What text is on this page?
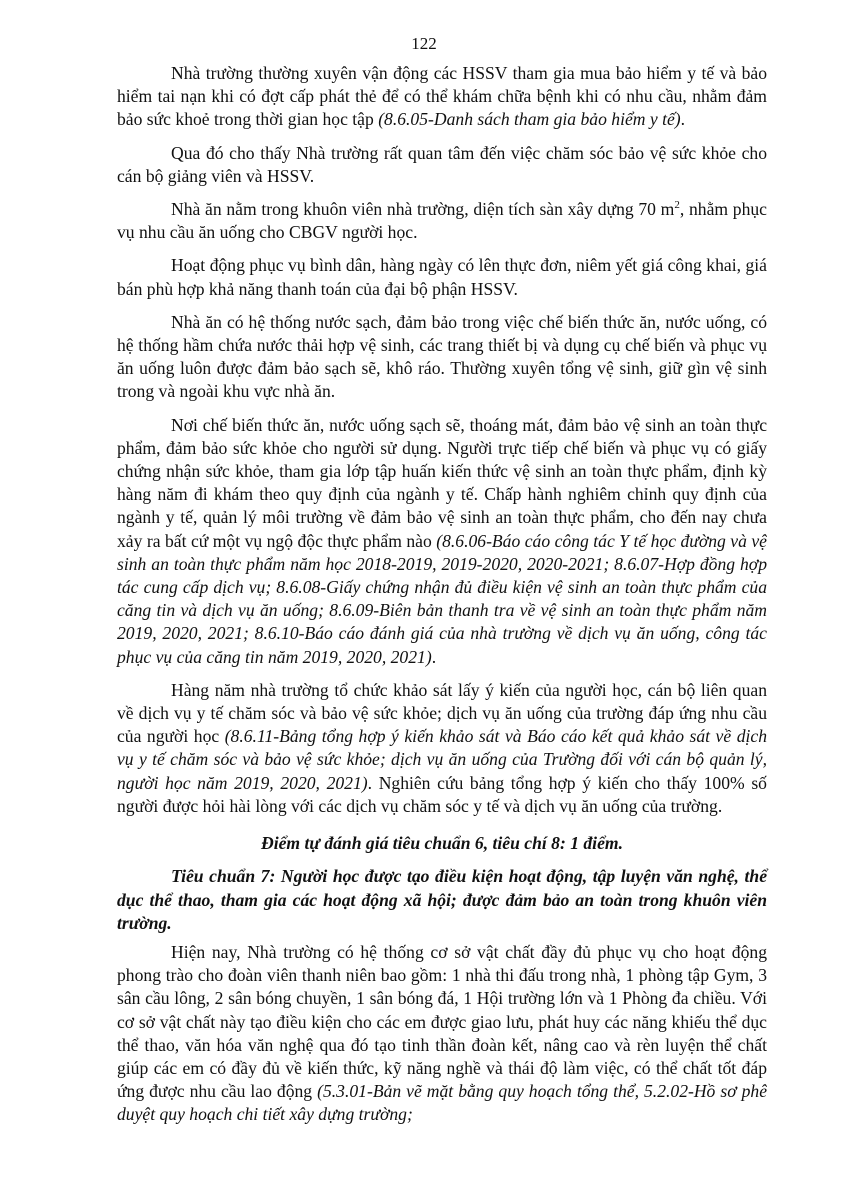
122

Nhà trường thường xuyên vận động các HSSV tham gia mua bảo hiểm y tế và bảo hiểm tai nạn khi có đợt cấp phát thẻ để có thể khám chữa bệnh khi có nhu cầu, nhằm đảm bảo sức khoẻ trong thời gian học tập (8.6.05-Danh sách tham gia bảo hiểm y tế).

Qua đó cho thấy Nhà trường rất quan tâm đến việc chăm sóc bảo vệ sức khỏe cho cán bộ giảng viên và HSSV.

Nhà ăn nằm trong khuôn viên nhà trường, diện tích sàn xây dựng 70 $m^2$, nhằm phục vụ nhu cầu ăn uống cho CBGV người học.

Hoạt động phục vụ bình dân, hàng ngày có lên thực đơn, niêm yết giá công khai, giá bán phù hợp khả năng thanh toán của đại bộ phận HSSV.

Nhà ăn có hệ thống nước sạch, đảm bảo trong việc chế biến thức ăn, nước uống, có hệ thống hầm chứa nước thải hợp vệ sinh, các trang thiết bị và dụng cụ chế biến và phục vụ ăn uống luôn được đảm bảo sạch sẽ, khô ráo. Thường xuyên tổng vệ sinh, giữ gìn vệ sinh trong và ngoài khu vực nhà ăn.

Nơi chế biến thức ăn, nước uống sạch sẽ, thoáng mát, đảm bảo vệ sinh an toàn thực phẩm, đảm bảo sức khỏe cho người sử dụng. Người trực tiếp chế biến và phục vụ có giấy chứng nhận sức khỏe, tham gia lớp tập huấn kiến thức vệ sinh an toàn thực phẩm, định kỳ hàng năm đi khám theo quy định của ngành y tế. Chấp hành nghiêm chỉnh quy định của ngành y tế, quản lý môi trường về đảm bảo vệ sinh an toàn thực phẩm, cho đến nay chưa xảy ra bất cứ một vụ ngộ độc thực phẩm nào (8.6.06-Báo cáo công tác Y tế học đường và vệ sinh an toàn thực phẩm năm học 2018-2019, 2019-2020, 2020-2021; 8.6.07-Hợp đồng hợp tác cung cấp dịch vụ; 8.6.08-Giấy chứng nhận đủ điều kiện vệ sinh an toàn thực phẩm của căng tin và dịch vụ ăn uống; 8.6.09-Biên bản thanh tra về vệ sinh an toàn thực phẩm năm 2019, 2020, 2021; 8.6.10-Báo cáo đánh giá của nhà trường về dịch vụ ăn uống, công tác phục vụ của căng tin năm 2019, 2020, 2021).

Hàng năm nhà trường tổ chức khảo sát lấy ý kiến của người học, cán bộ liên quan về dịch vụ y tế chăm sóc và bảo vệ sức khỏe; dịch vụ ăn uống của trường đáp ứng nhu cầu của người học (8.6.11-Bảng tổng hợp ý kiến khảo sát và Báo cáo kết quả khảo sát về dịch vụ y tế chăm sóc và bảo vệ sức khỏe; dịch vụ ăn uống của Trường đối với cán bộ quản lý, người học năm 2019, 2020, 2021). Nghiên cứu bảng tổng hợp ý kiến cho thấy 100% số người được hỏi hài lòng với các dịch vụ chăm sóc y tế và dịch vụ ăn uống của trường.

Điểm tự đánh giá tiêu chuẩn 6, tiêu chí 8: 1 điểm.

Tiêu chuẩn 7: Người học được tạo điều kiện hoạt động, tập luyện văn nghệ, thể dục thể thao, tham gia các hoạt động xã hội; được đảm bảo an toàn trong khuôn viên trường.

Hiện nay, Nhà trường có hệ thống cơ sở vật chất đầy đủ phục vụ cho hoạt động phong trào cho đoàn viên thanh niên bao gồm: 1 nhà thi đấu trong nhà, 1 phòng tập Gym, 3 sân cầu lông, 2 sân bóng chuyền, 1 sân bóng đá, 1 Hội trường lớn và 1 Phòng đa chiều. Với cơ sở vật chất này tạo điều kiện cho các em được giao lưu, phát huy các năng khiếu thể dục thể thao, văn hóa văn nghệ qua đó tạo tinh thần đoàn kết, nâng cao và rèn luyện thể chất giúp các em có đầy đủ về kiến thức, kỹ năng nghề và thái độ làm việc, có thể chất tốt đáp ứng được nhu cầu lao động (5.3.01-Bản vẽ mặt bằng quy hoạch tổng thể, 5.2.02-Hồ sơ phê duyệt quy hoạch chi tiết xây dựng trường;
